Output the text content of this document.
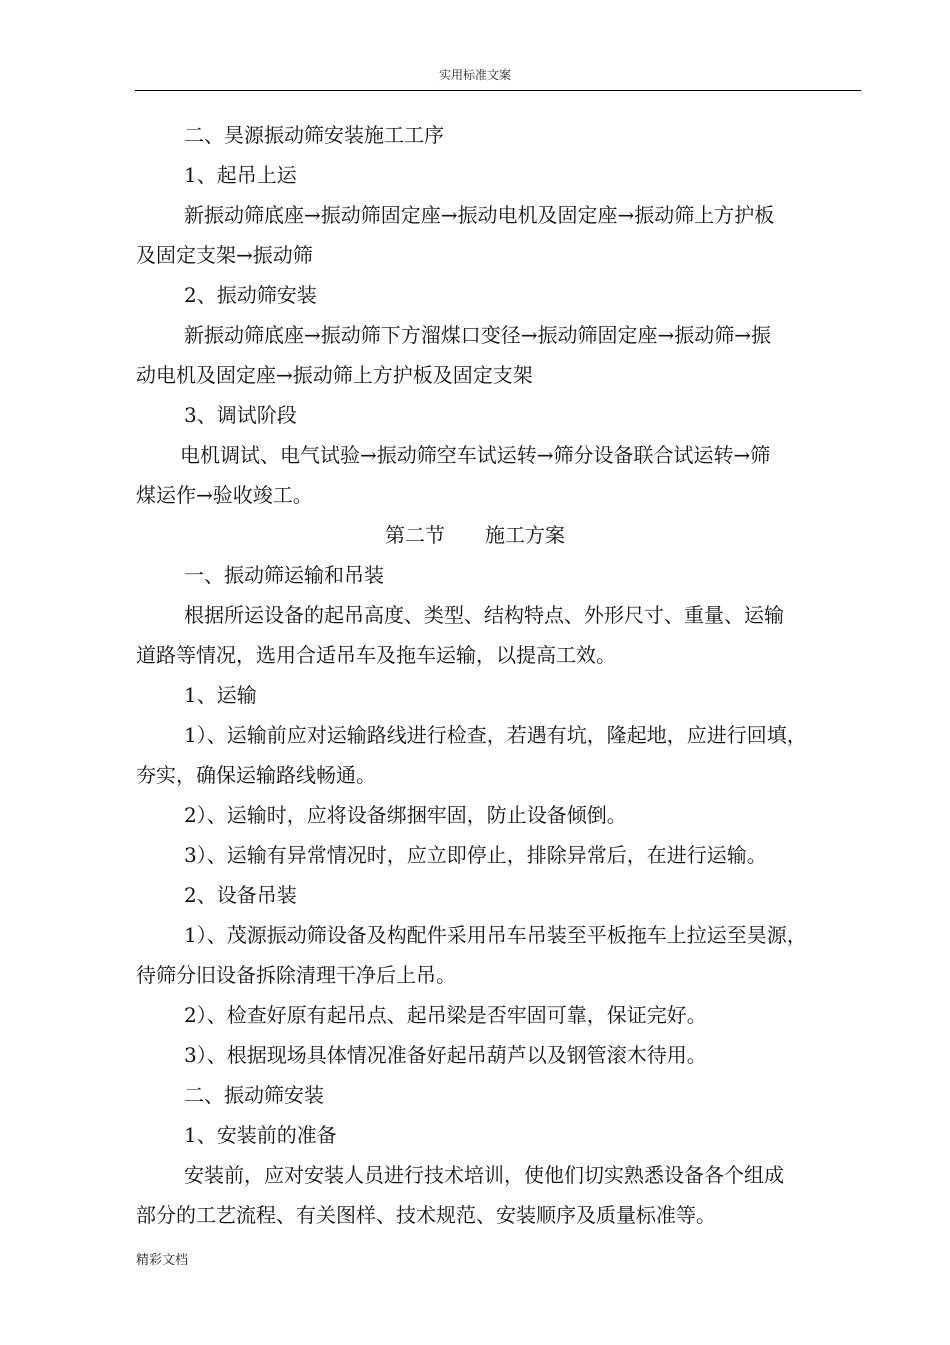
实用标准文案

二、昊源振动筛安装施工工序

1、起吊上运

新振动筛底座→振动筛固定座→振动电机及固定座→振动筛上方护板

及固定支架→振动筛

2、振动筛安装

新振动筛底座→振动筛下方溜煤口变径→振动筛固定座→振动筛→振

动电机及固定座→振动筛上方护板及固定支架

3、调试阶段

电机调试、电气试验→振动筛空车试运转→筛分设备联合试运转→筛

煤运作→验收竣工。

第二节 施工方案

一、振动筛运输和吊装

根据所运设备的起吊高度、类型、结构特点、外形尺寸、重量、运输

道路等情况，选用合适吊车及拖车运输，以提高工效。

1、运输

1）、运输前应对运输路线进行检查，若遇有坑，隆起地，应进行回填，

夯实，确保运输路线畅通。

2）、运输时，应将设备绑捆牢固，防止设备倾倒。

3）、运输有异常情况时，应立即停止，排除异常后，在进行运输。

2、设备吊装

1）、茂源振动筛设备及构配件采用吊车吊装至平板拖车上拉运至昊源，

待筛分旧设备拆除清理干净后上吊。

2）、检查好原有起吊点、起吊梁是否牢固可靠，保证完好。

3）、根据现场具体情况准备好起吊葫芦以及钢管滚木待用。

二、振动筛安装

1、安装前的准备

安装前，应对安装人员进行技术培训，使他们切实熟悉设备各个组成

部分的工艺流程、有关图样、技术规范、安装顺序及质量标准等。

精彩文档
